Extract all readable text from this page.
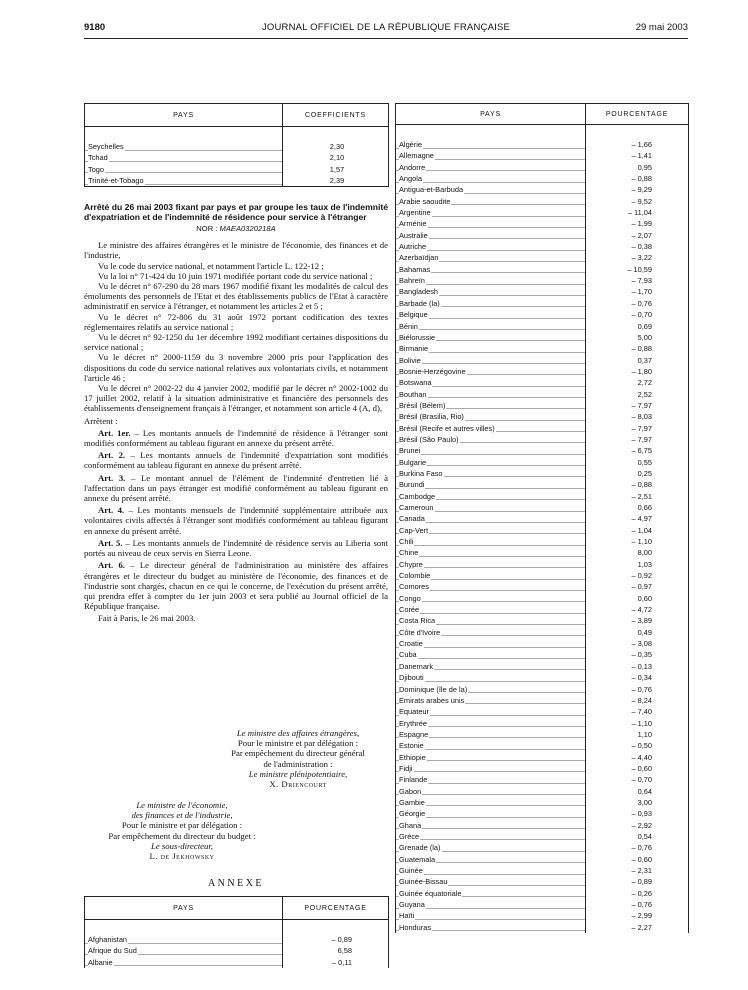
9180	JOURNAL OFFICIEL DE LA RÉPUBLIQUE FRANÇAISE	29 mai 2003
PAYS	COEFFICIENTS

Seychelles	2,30
Tchad	2,10
Togo	1,57
Trinité-et-Tobago	2,39
Arrêté du 26 mai 2003 fixant par pays et par groupe les taux de l'indemnité d'expatriation et de l'indemnité de résidence pour service à l'étranger
NOR : MAEA0320218A

Le ministre des affaires étrangères et le ministre de l'économie, des finances et de l'industrie,

Vu le code du service national, et notamment l'article L. 122-12 ;

Vu la loi n° 71-424 du 10 juin 1971 modifiée portant code du service national ;

Vu le décret n° 67-290 du 28 mars 1967 modifié fixant les modalités de calcul des émoluments des personnels de l'Etat et des établissements publics de l'Etat à caractère administratif en service à l'étranger, et notamment les articles 2 et 5 ;

Vu le décret n° 72-806 du 31 août 1972 portant codification des textes réglementaires relatifs au service national ;

Vu le décret n° 92-1250 du 1er décembre 1992 modifiant certaines dispositions du service national ;

Vu le décret n° 2000-1159 du 3 novembre 2000 pris pour l'application des dispositions du code du service national relatives aux volontariats civils, et notamment l'article 46 ;

Vu le décret n° 2002-22 du 4 janvier 2002, modifié par le décret n° 2002-1002 du 17 juillet 2002, relatif à la situation administrative et financière des personnels des établissements d'enseignement français à l'étranger, et notamment son article 4 (A, d),

Arrêtent :

Art. 1er. – Les montants annuels de l'indemnité de résidence à l'étranger sont modifiés conformément au tableau figurant en annexe du présent arrêté.

Art. 2. – Les montants annuels de l'indemnité d'expatriation sont modifiés conformément au tableau figurant en annexe du présent arrêté.

Art. 3. – Le montant annuel de l'élément de l'indemnité d'entretien lié à l'affectation dans un pays étranger est modifié conformément au tableau figurant en annexe du présent arrêté.

Art. 4. – Les montants mensuels de l'indemnité supplémentaire attribuée aux volontaires civils affectés à l'étranger sont modifiés conformément au tableau figurant en annexe du présent arrêté.

Art. 5. – Les montants annuels de l'indemnité de résidence servis au Liberia sont portés au niveau de ceux servis en Sierra Leone.

Art. 6. – Le directeur général de l'administration au ministère des affaires étrangères et le directeur du budget au ministère de l'économie, des finances et de l'industrie sont chargés, chacun en ce qui le concerne, de l'exécution du présent arrêté, qui prendra effet à compter du 1er juin 2003 et sera publié au Journal officiel de la République française.

Fait à Paris, le 26 mai 2003.

Le ministre des affaires étrangères,
Pour le ministre et par délégation :
Par empêchement du directeur général
de l'administration :
Le ministre plénipotentiaire,
X. Driencourt
Le ministre de l'économie,
des finances et de l'industrie,
Pour le ministre et par délégation :
Par empêchement du directeur du budget :
Le sous-directeur,
L. de Jekhowsky
ANNEXE
PAYS	POURCENTAGE

Afghanistan	– 0,89
Afrique du Sud	6,58
Albanie	– 0,11
PAYS	POURCENTAGE

Algérie	– 1,66
Allemagne	– 1,41
Andorre	0,95
Angola	– 0,88
Antigua-et-Barbuda	– 9,29
Arabie saoudite	– 9,52
Argentine	– 11,04
Arménie	– 1,99
Australie	– 2,07
Autriche	– 0,38
Azerbaïdjan	– 3,22
Bahamas	– 10,59
Bahreïn	– 7,93
Bangladesh	– 1,70
Barbade (la)	– 0,76
Belgique	– 0,70
Bénin	0,69
Biélorussie	5,00
Birmanie	– 0,88
Bolivie	0,37
Bosnie-Herzégovine	– 1,80
Botswana	2,72
Bouthan	2,52
Brésil (Bélem)	– 7,97
Brésil (Brasilia, Rio)	– 8,03
Brésil (Recife et autres villes)	– 7,97
Brésil (São Paulo)	– 7,97
Brunei	– 6,75
Bulgarie	0,55
Burkina Faso	0,25
Burundi	– 0,88
Cambodge	– 2,51
Cameroun	0,66
Canada	– 4,97
Cap-Vert	– 1,04
Chili	– 1,10
Chine	8,00
Chypre	1,03
Colombie	– 0,92
Comores	– 0,97
Congo	0,60
Corée	– 4,72
Costa Rica	– 3,89
Côte d'Ivoire	0,49
Croatie	– 3,08
Cuba	– 0,35
Danemark	– 0,13
Djibouti	– 0,34
Dominique (île de la)	– 0,76
Emirats arabes unis	– 8,24
Equateur	– 7,40
Erythrée	– 1,10
Espagne	1,10
Estonie	– 0,50
Ethiopie	– 4,40
Fidji	– 0,60
Finlande	– 0,70
Gabon	0,64
Gambie	3,00
Géorgie	– 0,93
Ghana	– 2,92
Grèce	0,54
Grenade (la)	– 0,76
Guatemala	– 0,60
Guinée	– 2,31
Guinée-Bissau	– 0,89
Guinée équatoriale	– 0,26
Guyana	– 0,76
Haïti	– 2,99
Honduras	– 2,27
